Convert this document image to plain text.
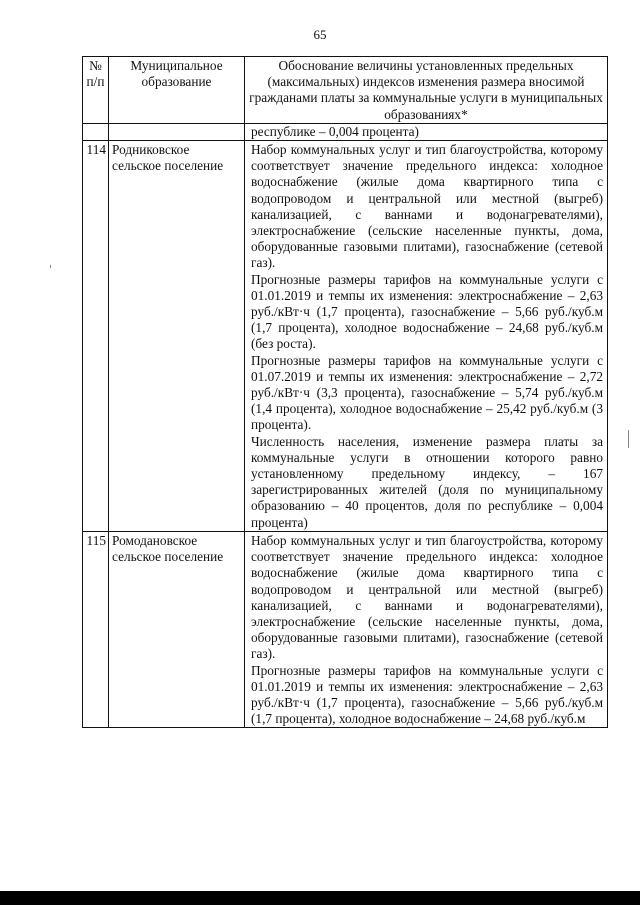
65
№ п/п	Муниципальное образование	Обоснование величины установленных предельных (максимальных) индексов изменения размера вносимой гражданами платы за коммунальные услуги в муниципальных образованиях*
		республике – 0,004 процента)
114	Родниковское сельское поселение	Набор коммунальных услуг и тип благоустройства, которому соответствует значение предельного индекса: холодное водоснабжение (жилые дома квартирного типа с водопроводом и центральной или местной (выгреб) канализацией, с ваннами и водонагревателями), электроснабжение (сельские населенные пункты, дома, оборудованные газовыми плитами), газоснабжение (сетевой газ).
Прогнозные размеры тарифов на коммунальные услуги с 01.01.2019 и темпы их изменения: электроснабжение – 2,63 руб./кВт·ч (1,7 процента), газоснабжение – 5,66 руб./куб.м (1,7 процента), холодное водоснабжение – 24,68 руб./куб.м (без роста).
Прогнозные размеры тарифов на коммунальные услуги с 01.07.2019 и темпы их изменения: электроснабжение – 2,72 руб./кВт·ч (3,3 процента), газоснабжение – 5,74 руб./куб.м (1,4 процента), холодное водоснабжение – 25,42 руб./куб.м (3 процента).
Численность населения, изменение размера платы за коммунальные услуги в отношении которого равно установленному предельному индексу, – 167 зарегистрированных жителей (доля по муниципальному образованию – 40 процентов, доля по республике – 0,004 процента)

115	Ромодановское сельское поселение	Набор коммунальных услуг и тип благоустройства, которому соответствует значение предельного индекса: холодное водоснабжение (жилые дома квартирного типа с водопроводом и центральной или местной (выгреб) канализацией, с ваннами и водонагревателями), электроснабжение (сельские населенные пункты, дома, оборудованные газовыми плитами), газоснабжение (сетевой газ).
Прогнозные размеры тарифов на коммунальные услуги с 01.01.2019 и темпы их изменения: электроснабжение – 2,63 руб./кВт·ч (1,7 процента), газоснабжение – 5,66 руб./куб.м (1,7 процента), холодное водоснабжение – 24,68 руб./куб.м
